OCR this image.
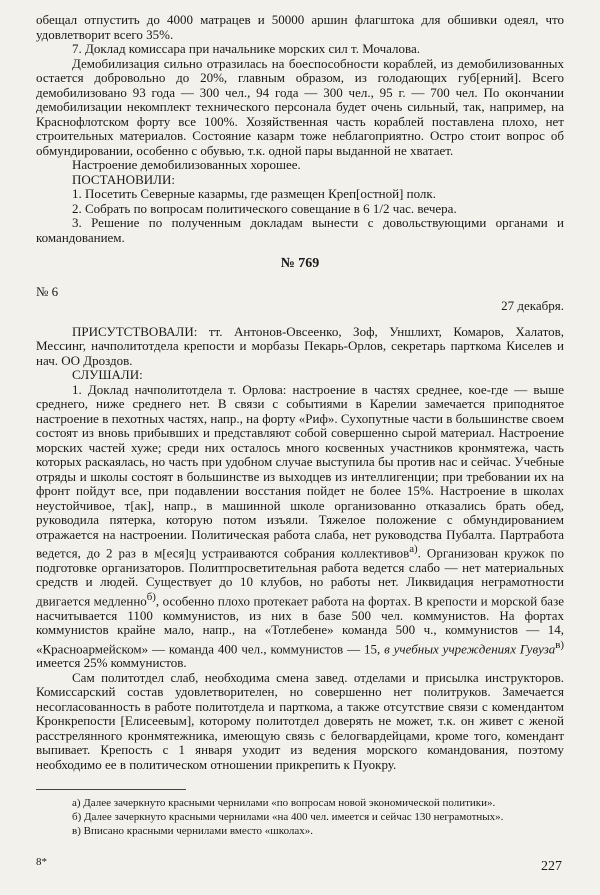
обещал отпустить до 4000 матрацев и 50000 аршин флагштока для обшивки одеял, что удовлетворит всего 35%.

7. Доклад комиссара при начальнике морских сил т. Мочалова.

Демобилизация сильно отразилась на боеспособности кораблей, из демобилизованных остается добровольно до 20%, главным образом, из голодающих губ[ерний]. Всего демобилизовано 93 года — 300 чел., 94 года — 300 чел., 95 г. — 700 чел. По окончании демобилизации некомплект технического персонала будет очень сильный, так, например, на Краснофлотском форту все 100%. Хозяйственная часть кораблей поставлена плохо, нет строительных материалов. Состояние казарм тоже неблагоприятно. Остро стоит вопрос об обмундировании, особенно с обувью, т.к. одной пары выданной не хватает.

Настроение демобилизованных хорошее.

ПОСТАНОВИЛИ:

1. Посетить Северные казармы, где размещен Креп[остной] полк.

2. Собрать по вопросам политического совещание в 6 1/2 час. вечера.

3. Решение по полученным докладам вынести с довольствующими органами и командованием.

№ 769

№ 6

27 декабря.

ПРИСУТСТВОВАЛИ: тт. Антонов-Овсеенко, Зоф, Уншлихт, Комаров, Халатов, Мессинг, начполитотдела крепости и морбазы Пекарь-Орлов, секретарь парткома Киселев и нач. ОО Дроздов.

СЛУШАЛИ:

1. Доклад начполитотдела т. Орлова: настроение в частях среднее, кое-где — выше среднего, ниже среднего нет. В связи с событиями в Карелии замечается приподнятое настроение в пехотных частях, напр., на форту «Риф». Сухопутные части в большинстве своем состоят из вновь прибывших и представляют собой совершенно сырой материал. Настроение морских частей хуже; среди них осталось много косвенных участников кронмятежа, часть которых раскаялась, но часть при удобном случае выступила бы против нас и сейчас. Учебные отряды и школы состоят в большинстве из выходцев из интеллигенции; при требовании их на фронт пойдут все, при подавлении восстания пойдет не более 15%. Настроение в школах неустойчивое, т[ак], напр., в машинной школе организованно отказались брать обед, руководила пятерка, которую потом изъяли. Тяжелое положение с обмундированием отражается на настроении. Политическая работа слаба, нет руководства Пубалта. Партработа ведется, до 2 раз в м[еся]ц устраиваются собрания коллективов$^{а)}$. Организован кружок по подготовке организаторов. Политпросветительная работа ведется слабо — нет материальных средств и людей. Существует до 10 клубов, но работы нет. Ликвидация неграмотности двигается медленно$^{б)}$, особенно плохо протекает работа на фортах. В крепости и морской базе насчитывается 1100 коммунистов, из них в базе 500 чел. коммунистов. На фортах коммунистов крайне мало, напр., на «Тотлебене» команда 500 ч., коммунистов — 14, «Красноармейском» — команда 400 чел., коммунистов — 15, в учебных учреждениях Гувуза$^{в)}$ имеется 25% коммунистов.

Сам политотдел слаб, необходима смена завед. отделами и присылка инструкторов. Комиссарский состав удовлетворителен, но совершенно нет политруков. Замечается несогласованность в работе политотдела и парткома, а также отсутствие связи с комендантом Кронкрепости [Елисеевым], которому политотдел доверять не может, т.к. он живет с женой расстрелянного кронмятежника, имеющую связь с белогвардейцами, кроме того, комендант выпивает. Крепость с 1 января уходит из ведения морского командования, поэтому необходимо ее в политическом отношении прикрепить к Пуокру.

а) Далее зачеркнуто красными чернилами «по вопросам новой экономической политики».

б) Далее зачеркнуто красными чернилами «на 400 чел. имеется и сейчас 130 неграмотных».

в) Вписано красными чернилами вместо «школах».

8*	227
